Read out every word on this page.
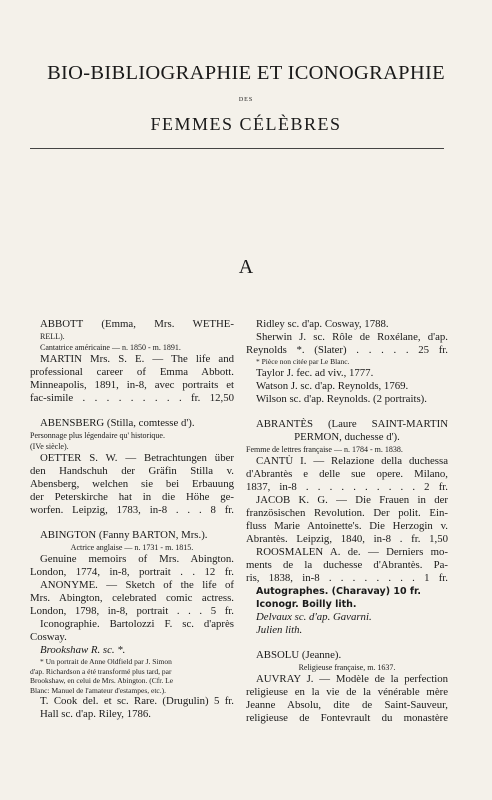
BIO-BIBLIOGRAPHIE ET ICONOGRAPHIE
DES
FEMMES CÉLÈBRES
A
ABBOTT (Emma, Mrs. WETHE-
RELL).
Cantatrice américaine — n. 1850 - m. 1891.
MARTIN Mrs. S. E. — The life and
professional career of Emma Abbott.
Minneapolis, 1891, in-8, avec portraits et
fac-simile . . . . . . . . . fr. 12,50
ABENSBERG (Stilla, comtesse d').
Personnage plus légendaire qu' historique.
(IVe siècle).
OETTER S. W. — Betrachtungen über
den Handschuh der Gräfin Stilla v.
Abensberg, welchen sie bei Erbauung
der Peterskirche hat in die Höhe ge-
worfen. Leipzig, 1783, in-8 . . . 8 fr.
ABINGTON (Fanny BARTON, Mrs.).
Actrice anglaise — n. 1731 - m. 1815.
Genuine memoirs of Mrs. Abington.
London, 1774, in-8, portrait . . 12 fr.
ANONYME. — Sketch of the life of
Mrs. Abington, celebrated comic actress.
London, 1798, in-8, portrait . . . 5 fr.
Iconographie. Bartolozzi F. sc. d'après
Cosway.
Brookshaw R. sc. *.
* Un portrait de Anne Oldfield par J. Simon
d'ap. Richardson a été transformé plus tard, par
Brookshaw, en celui de Mrs. Abington. (Cfr. Le
Blanc: Manuel de l'amateur d'estampes, etc.).
T. Cook del. et sc. Rare. (Drugulin) 5 fr.
Hall sc. d'ap. Riley, 1786.
Ridley sc. d'ap. Cosway, 1788.
Sherwin J. sc. Rôle de Roxélane, d'ap.
Reynolds *. (Slater) . . . . . 25 fr.
* Pièce non citée par Le Blanc.
Taylor J. fec. ad viv., 1777.
Watson J. sc. d'ap. Reynolds, 1769.
Wilson sc. d'ap. Reynolds. (2 portraits).
ABRANTÈS (Laure SAINT-MARTIN
PERMON, duchesse d').
Femme de lettres française — n. 1784 - m. 1838.
CANTÙ I. — Relazione della duchessa
d'Abrantès e delle sue opere. Milano,
1837, in-8 . . . . . . . . . . 2 fr.
JACOB K. G. — Die Frauen in der
französischen Revolution. Der polit. Ein-
fluss Marie Antoinette's. Die Herzogin v.
Abrantès. Leipzig, 1840, in-8 . fr. 1,50
ROOSMALEN A. de. — Derniers mo-
ments de la duchesse d'Abrantès. Pa-
ris, 1838, in-8 . . . . . . . . 1 fr.
Autographes. (Charavay) 10 fr.
Iconogr. Boilly lith.
Delvaux sc. d'ap. Gavarni.
Julien lith.
ABSOLU (Jeanne).
Religieuse française, m. 1637.
AUVRAY J. — Modèle de la perfection
religieuse en la vie de la vénérable mère
Jeanne Absolu, dite de Saint-Sauveur,
religieuse de Fontevrault du monastère
